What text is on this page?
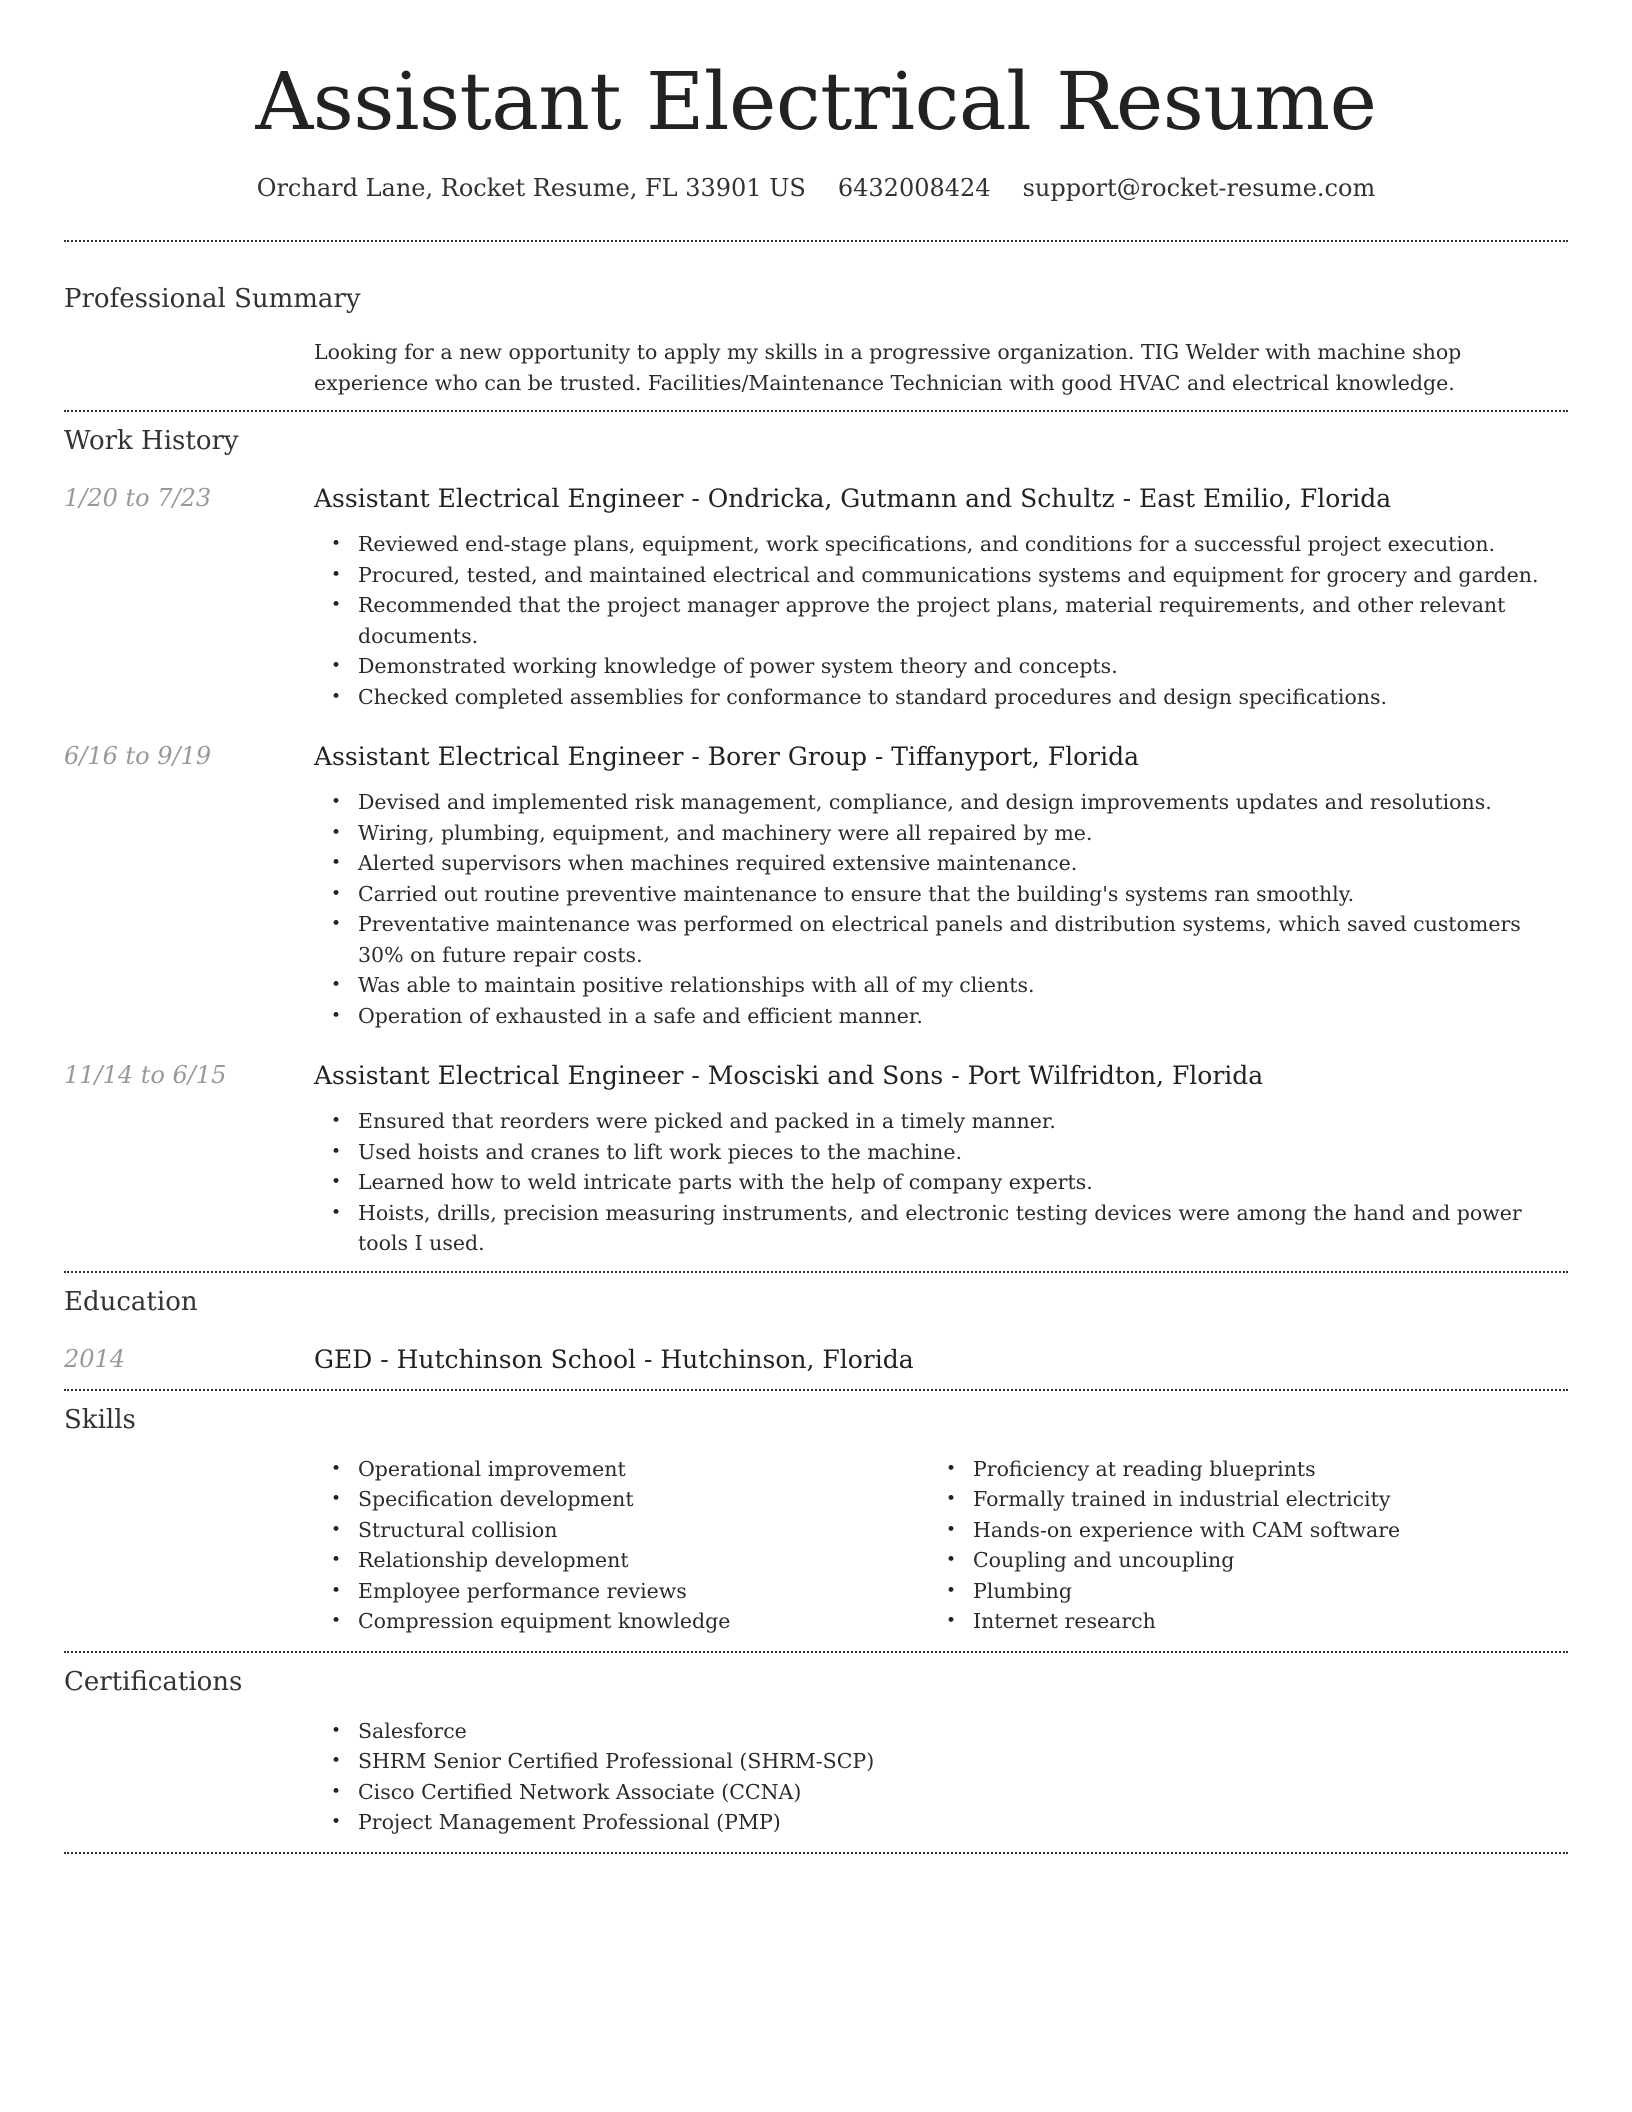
Assistant Electrical Resume
Orchard Lane, Rocket Resume, FL 33901 US 6432008424 support@rocket-resume.com
Professional Summary
Looking for a new opportunity to apply my skills in a progressive organization. TIG Welder with machine shop experience who can be trusted. Facilities/Maintenance Technician with good HVAC and electrical knowledge.
Work History
1/20 to 7/23	Assistant Electrical Engineer - Ondricka, Gutmann and Schultz - East Emilio, Florida
• Reviewed end-stage plans, equipment, work specifications, and conditions for a successful project execution.
• Procured, tested, and maintained electrical and communications systems and equipment for grocery and garden.
• Recommended that the project manager approve the project plans, material requirements, and other relevant documents.
• Demonstrated working knowledge of power system theory and concepts.
• Checked completed assemblies for conformance to standard procedures and design specifications.
6/16 to 9/19	Assistant Electrical Engineer - Borer Group - Tiffanyport, Florida
• Devised and implemented risk management, compliance, and design improvements updates and resolutions.
• Wiring, plumbing, equipment, and machinery were all repaired by me.
• Alerted supervisors when machines required extensive maintenance.
• Carried out routine preventive maintenance to ensure that the building's systems ran smoothly.
• Preventative maintenance was performed on electrical panels and distribution systems, which saved customers 30% on future repair costs.
• Was able to maintain positive relationships with all of my clients.
• Operation of exhausted in a safe and efficient manner.
11/14 to 6/15	Assistant Electrical Engineer - Mosciski and Sons - Port Wilfridton, Florida
• Ensured that reorders were picked and packed in a timely manner.
• Used hoists and cranes to lift work pieces to the machine.
• Learned how to weld intricate parts with the help of company experts.
• Hoists, drills, precision measuring instruments, and electronic testing devices were among the hand and power tools I used.
Education
2014	GED - Hutchinson School - Hutchinson, Florida
Skills
• Operational improvement
• Specification development
• Structural collision
• Relationship development
• Employee performance reviews
• Compression equipment knowledge
• Proficiency at reading blueprints
• Formally trained in industrial electricity
• Hands-on experience with CAM software
• Coupling and uncoupling
• Plumbing
• Internet research
Certifications
• Salesforce
• SHRM Senior Certified Professional (SHRM-SCP)
• Cisco Certified Network Associate (CCNA)
• Project Management Professional (PMP)
